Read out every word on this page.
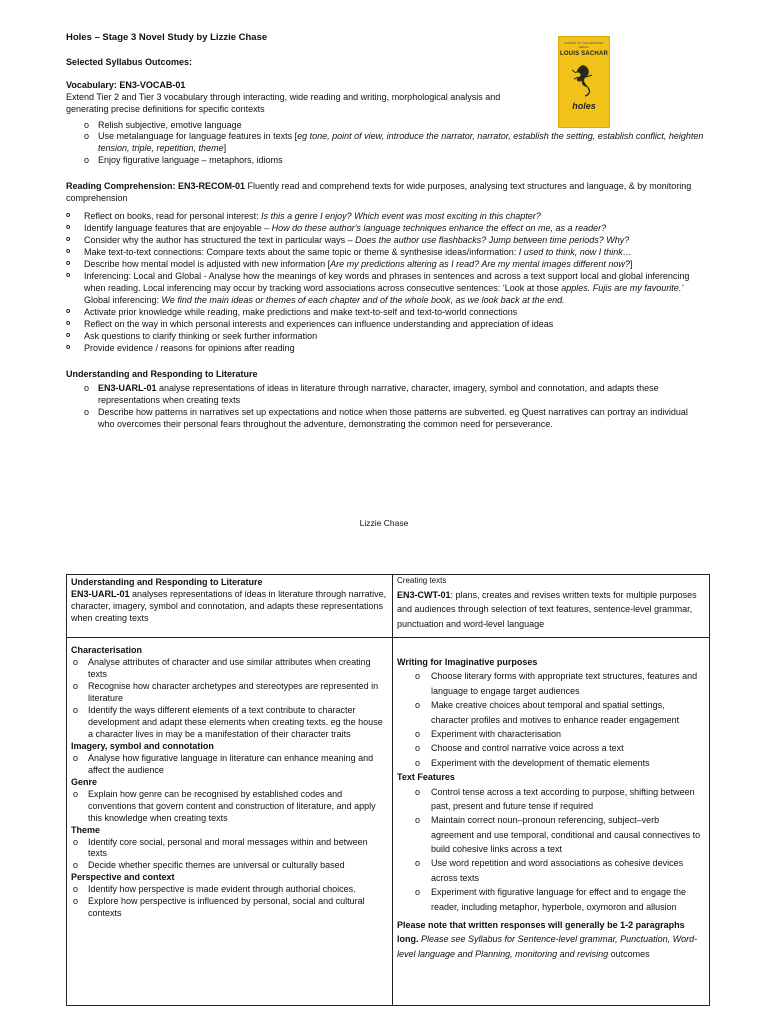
Holes – Stage 3 Novel Study by Lizzie Chase
Selected Syllabus Outcomes:
Vocabulary: EN3-VOCAB-01
Extend Tier 2 and Tier 3 vocabulary through interacting, wide reading and writing, morphological analysis and generating precise definitions for specific contexts
o Relish subjective, emotive language
o Use metalanguage for language features in texts [eg tone, point of view, introduce the narrator, narrator, establish the setting, establish conflict, heighten tension, triple, repetition, theme]
o Enjoy figurative language – metaphors, idioms
Reading Comprehension: EN3-RECOM-01 Fluently read and comprehend texts for wide purposes, analysing text structures and language, & by monitoring comprehension
o Reflect on books, read for personal interest: Is this a genre I enjoy? Which event was most exciting in this chapter?
o Identify language features that are enjoyable – How do these author's language techniques enhance the effect on me, as a reader?
o Consider why the author has structured the text in particular ways – Does the author use flashbacks? Jump between time periods? Why?
o Make text-to-text connections: Compare texts about the same topic or theme & synthesise ideas/information: I used to think, now I think…
o Describe how mental model is adjusted with new information [Are my predictions altering as I read? Are my mental images different now?]
o Inferencing: Local and Global - Analyse how the meanings of key words and phrases in sentences and across a text support local and global inferencing when reading. Local inferencing may occur by tracking word associations across consecutive sentences: ‘Look at those apples. Fujis are my favourite.’ Global inferencing: We find the main ideas or themes of each chapter and of the whole book, as we look back at the end.
o Activate prior knowledge while reading, make predictions and make text-to-self and text-to-world connections
o Reflect on the way in which personal interests and experiences can influence understanding and appreciation of ideas
o Ask questions to clarify thinking or seek further information
o Provide evidence / reasons for opinions after reading
Understanding and Responding to Literature
o EN3-UARL-01 analyse representations of ideas in literature through narrative, character, imagery, symbol and connotation, and adapts these representations when creating texts
o Describe how patterns in narratives set up expectations and notice when those patterns are subverted. eg Quest narratives can portray an individual who overcomes their personal fears throughout the adventure, demonstrating the common need for perseverance.
WINNER OF THE NEWBERY MEDAL
LOUIS SACHAR
holes
Lizzie Chase
Understanding and Responding to Literature
EN3-UARL-01 analyses representations of ideas in literature through narrative, character, imagery, symbol and connotation, and adapts these representations when creating texts
Creating texts
EN3-CWT-01: plans, creates and revises written texts for multiple purposes and audiences through selection of text features, sentence-level grammar, punctuation and word-level language
Characterisation
o Analyse attributes of character and use similar attributes when creating texts
o Recognise how character archetypes and stereotypes are represented in literature
o Identify the ways different elements of a text contribute to character development and adapt these elements when creating texts. eg the house a character lives in may be a manifestation of their character traits
Imagery, symbol and connotation
o Analyse how figurative language in literature can enhance meaning and affect the audience
Genre
o Explain how genre can be recognised by established codes and conventions that govern content and construction of literature, and apply this knowledge when creating texts
Theme
o Identify core social, personal and moral messages within and between texts
o Decide whether specific themes are universal or culturally based
Perspective and context
o Identify how perspective is made evident through authorial choices.
o Explore how perspective is influenced by personal, social and cultural contexts
Writing for Imaginative purposes
o Choose literary forms with appropriate text structures, features and language to engage target audiences
o Make creative choices about temporal and spatial settings, character profiles and motives to enhance reader engagement
o Experiment with characterisation
o Choose and control narrative voice across a text
o Experiment with the development of thematic elements
Text Features
o Control tense across a text according to purpose, shifting between past, present and future tense if required
o Maintain correct noun–pronoun referencing, subject–verb agreement and use temporal, conditional and causal connectives to build cohesive links across a text
o Use word repetition and word associations as cohesive devices across texts
o Experiment with figurative language for effect and to engage the reader, including metaphor, hyperbole, oxymoron and allusion
Please note that written responses will generally be 1-2 paragraphs long. Please see Syllabus for Sentence-level grammar, Punctuation, Word-level language and Planning, monitoring and revising outcomes
